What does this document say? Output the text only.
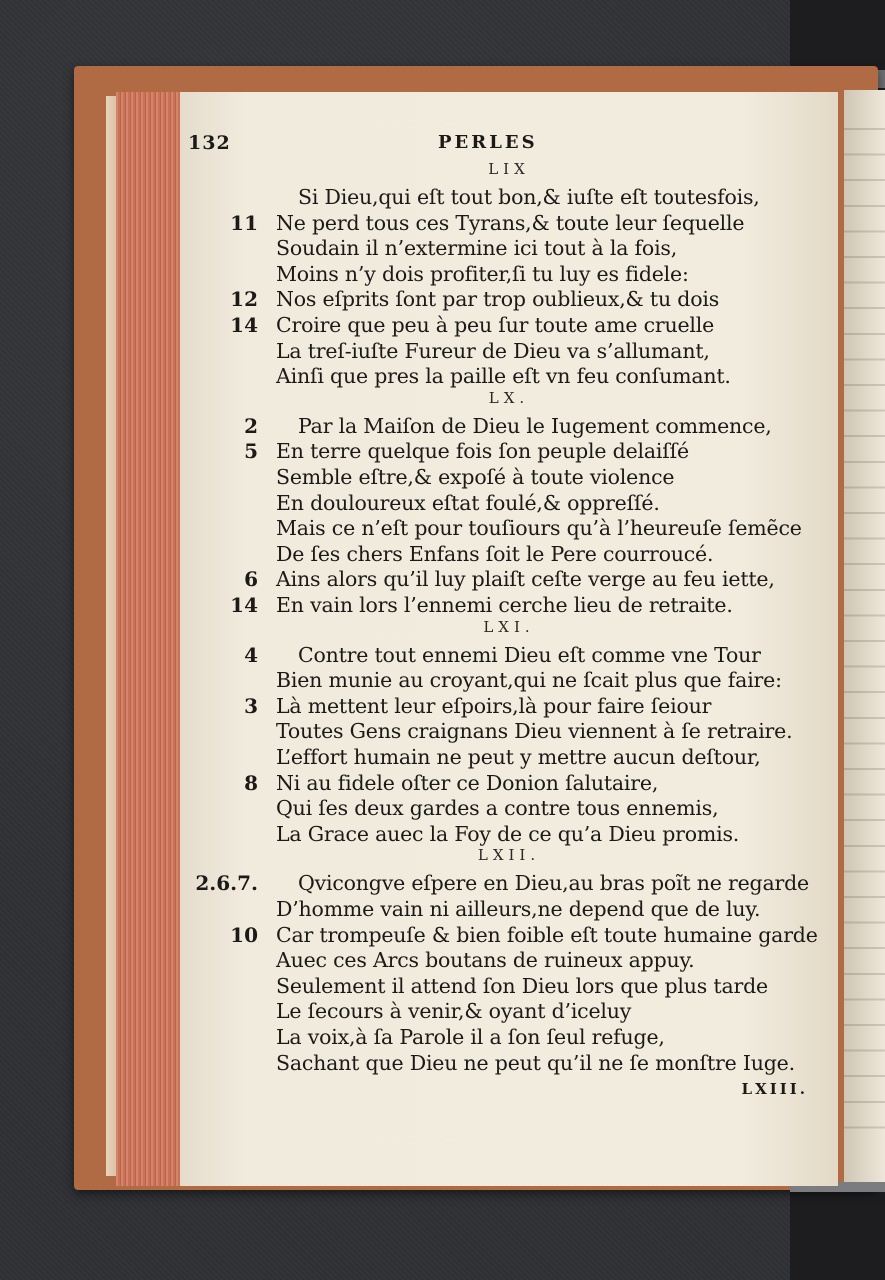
132	PERLES
LXIII.
LIX
Si Dieu,qui eſt tout bon,& iuſte eſt toutesfois,
11 Ne perd tous ces Tyrans,& toute leur ſequelle
Soudain il n’extermine ici tout à la fois,
Moins n’y dois profiter,ſi tu luy es fidele:
12 Nos eſprits ſont par trop oublieux,& tu dois
14 Croire que peu à peu ſur toute ame cruelle
La treſ-iuſte Fureur de Dieu va s’allumant,
Ainſi que pres la paille eſt vn feu conſumant.
LX.
2 Par la Maiſon de Dieu le Iugement commence,
5 En terre quelque fois ſon peuple delaiſſé
Semble eſtre,& expoſé à toute violence
En douloureux eſtat foulé,& oppreſſé.
Mais ce n’eſt pour touſiours qu’à l’heureuſe ſemẽce
De ſes chers Enfans ſoit le Pere courroucé.
6 Ains alors qu’il luy plaiſt ceſte verge au feu iette,
14 En vain lors l’ennemi cerche lieu de retraite.
LXI.
4 Contre tout ennemi Dieu eſt comme vne Tour
Bien munie au croyant,qui ne ſcait plus que faire:
3 Là mettent leur eſpoirs,là pour faire ſeiour
Toutes Gens craignans Dieu viennent à ſe retraire.
L’effort humain ne peut y mettre aucun deſtour,
8 Ni au fidele oſter ce Donion ſalutaire,
Qui ſes deux gardes a contre tous ennemis,
La Grace auec la Foy de ce qu’a Dieu promis.
LXII.
2.6.7. Qvicongve eſpere en Dieu,au bras poĩt ne regarde
D’homme vain ni ailleurs,ne depend que de luy.
10 Car trompeuſe & bien foible eſt toute humaine garde
Auec ces Arcs boutans de ruineux appuy.
Seulement il attend ſon Dieu lors que plus tarde
Le ſecours à venir,& oyant d’iceluy
La voix,à ſa Parole il a ſon ſeul refuge,
Sachant que Dieu ne peut qu’il ne ſe monſtre Iuge.
